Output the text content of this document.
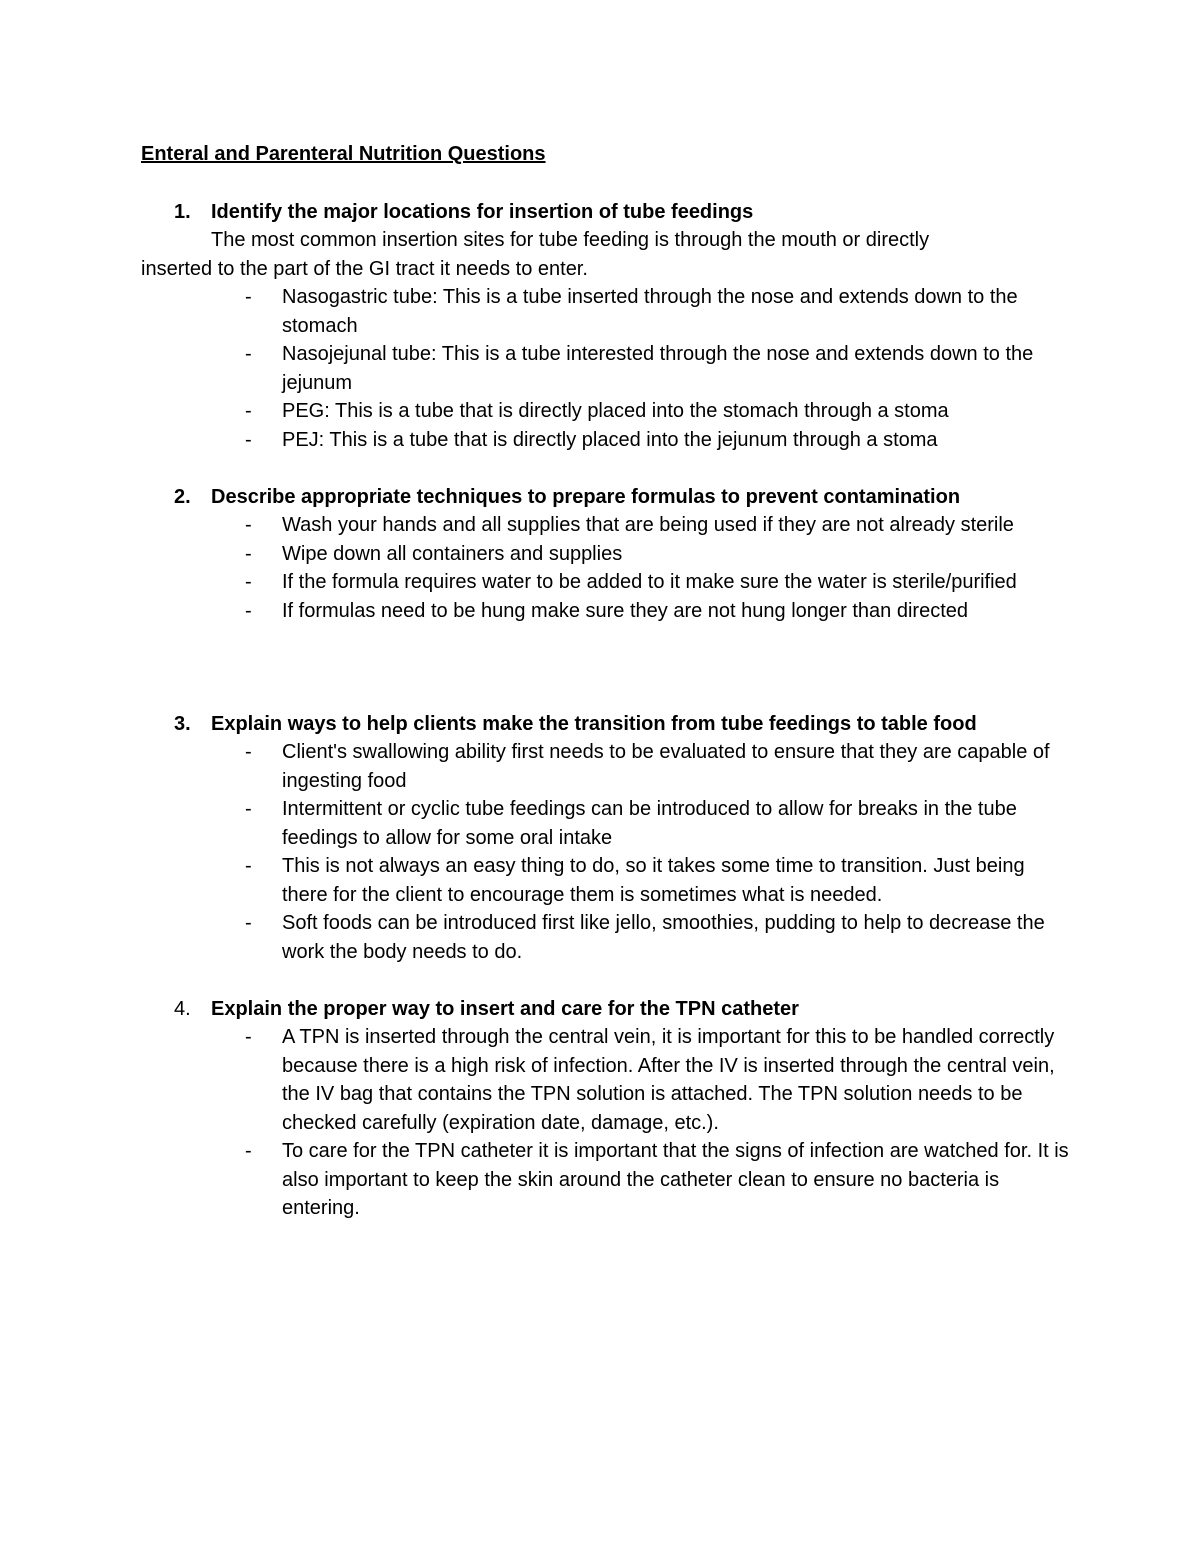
Enteral and Parenteral Nutrition Questions
1. Identify the major locations for insertion of tube feedings

The most common insertion sites for tube feeding is through the mouth or directly inserted to the part of the GI tract it needs to enter.

- Nasogastric tube: This is a tube inserted through the nose and extends down to the stomach
- Nasojejunal tube: This is a tube interested through the nose and extends down to the jejunum
- PEG: This is a tube that is directly placed into the stomach through a stoma
- PEJ: This is a tube that is directly placed into the jejunum through a stoma
2. Describe appropriate techniques to prepare formulas to prevent contamination
- Wash your hands and all supplies that are being used if they are not already sterile
- Wipe down all containers and supplies
- If the formula requires water to be added to it make sure the water is sterile/purified
- If formulas need to be hung make sure they are not hung longer than directed
3. Explain ways to help clients make the transition from tube feedings to table food
- Client's swallowing ability first needs to be evaluated to ensure that they are capable of ingesting food
- Intermittent or cyclic tube feedings can be introduced to allow for breaks in the tube feedings to allow for some oral intake
- This is not always an easy thing to do, so it takes some time to transition. Just being there for the client to encourage them is sometimes what is needed.
- Soft foods can be introduced first like jello, smoothies, pudding to help to decrease the work the body needs to do.
4. Explain the proper way to insert and care for the TPN catheter
- A TPN is inserted through the central vein, it is important for this to be handled correctly because there is a high risk of infection. After the IV is inserted through the central vein, the IV bag that contains the TPN solution is attached. The TPN solution needs to be checked carefully (expiration date, damage, etc.).
- To care for the TPN catheter it is important that the signs of infection are watched for. It is also important to keep the skin around the catheter clean to ensure no bacteria is entering.
